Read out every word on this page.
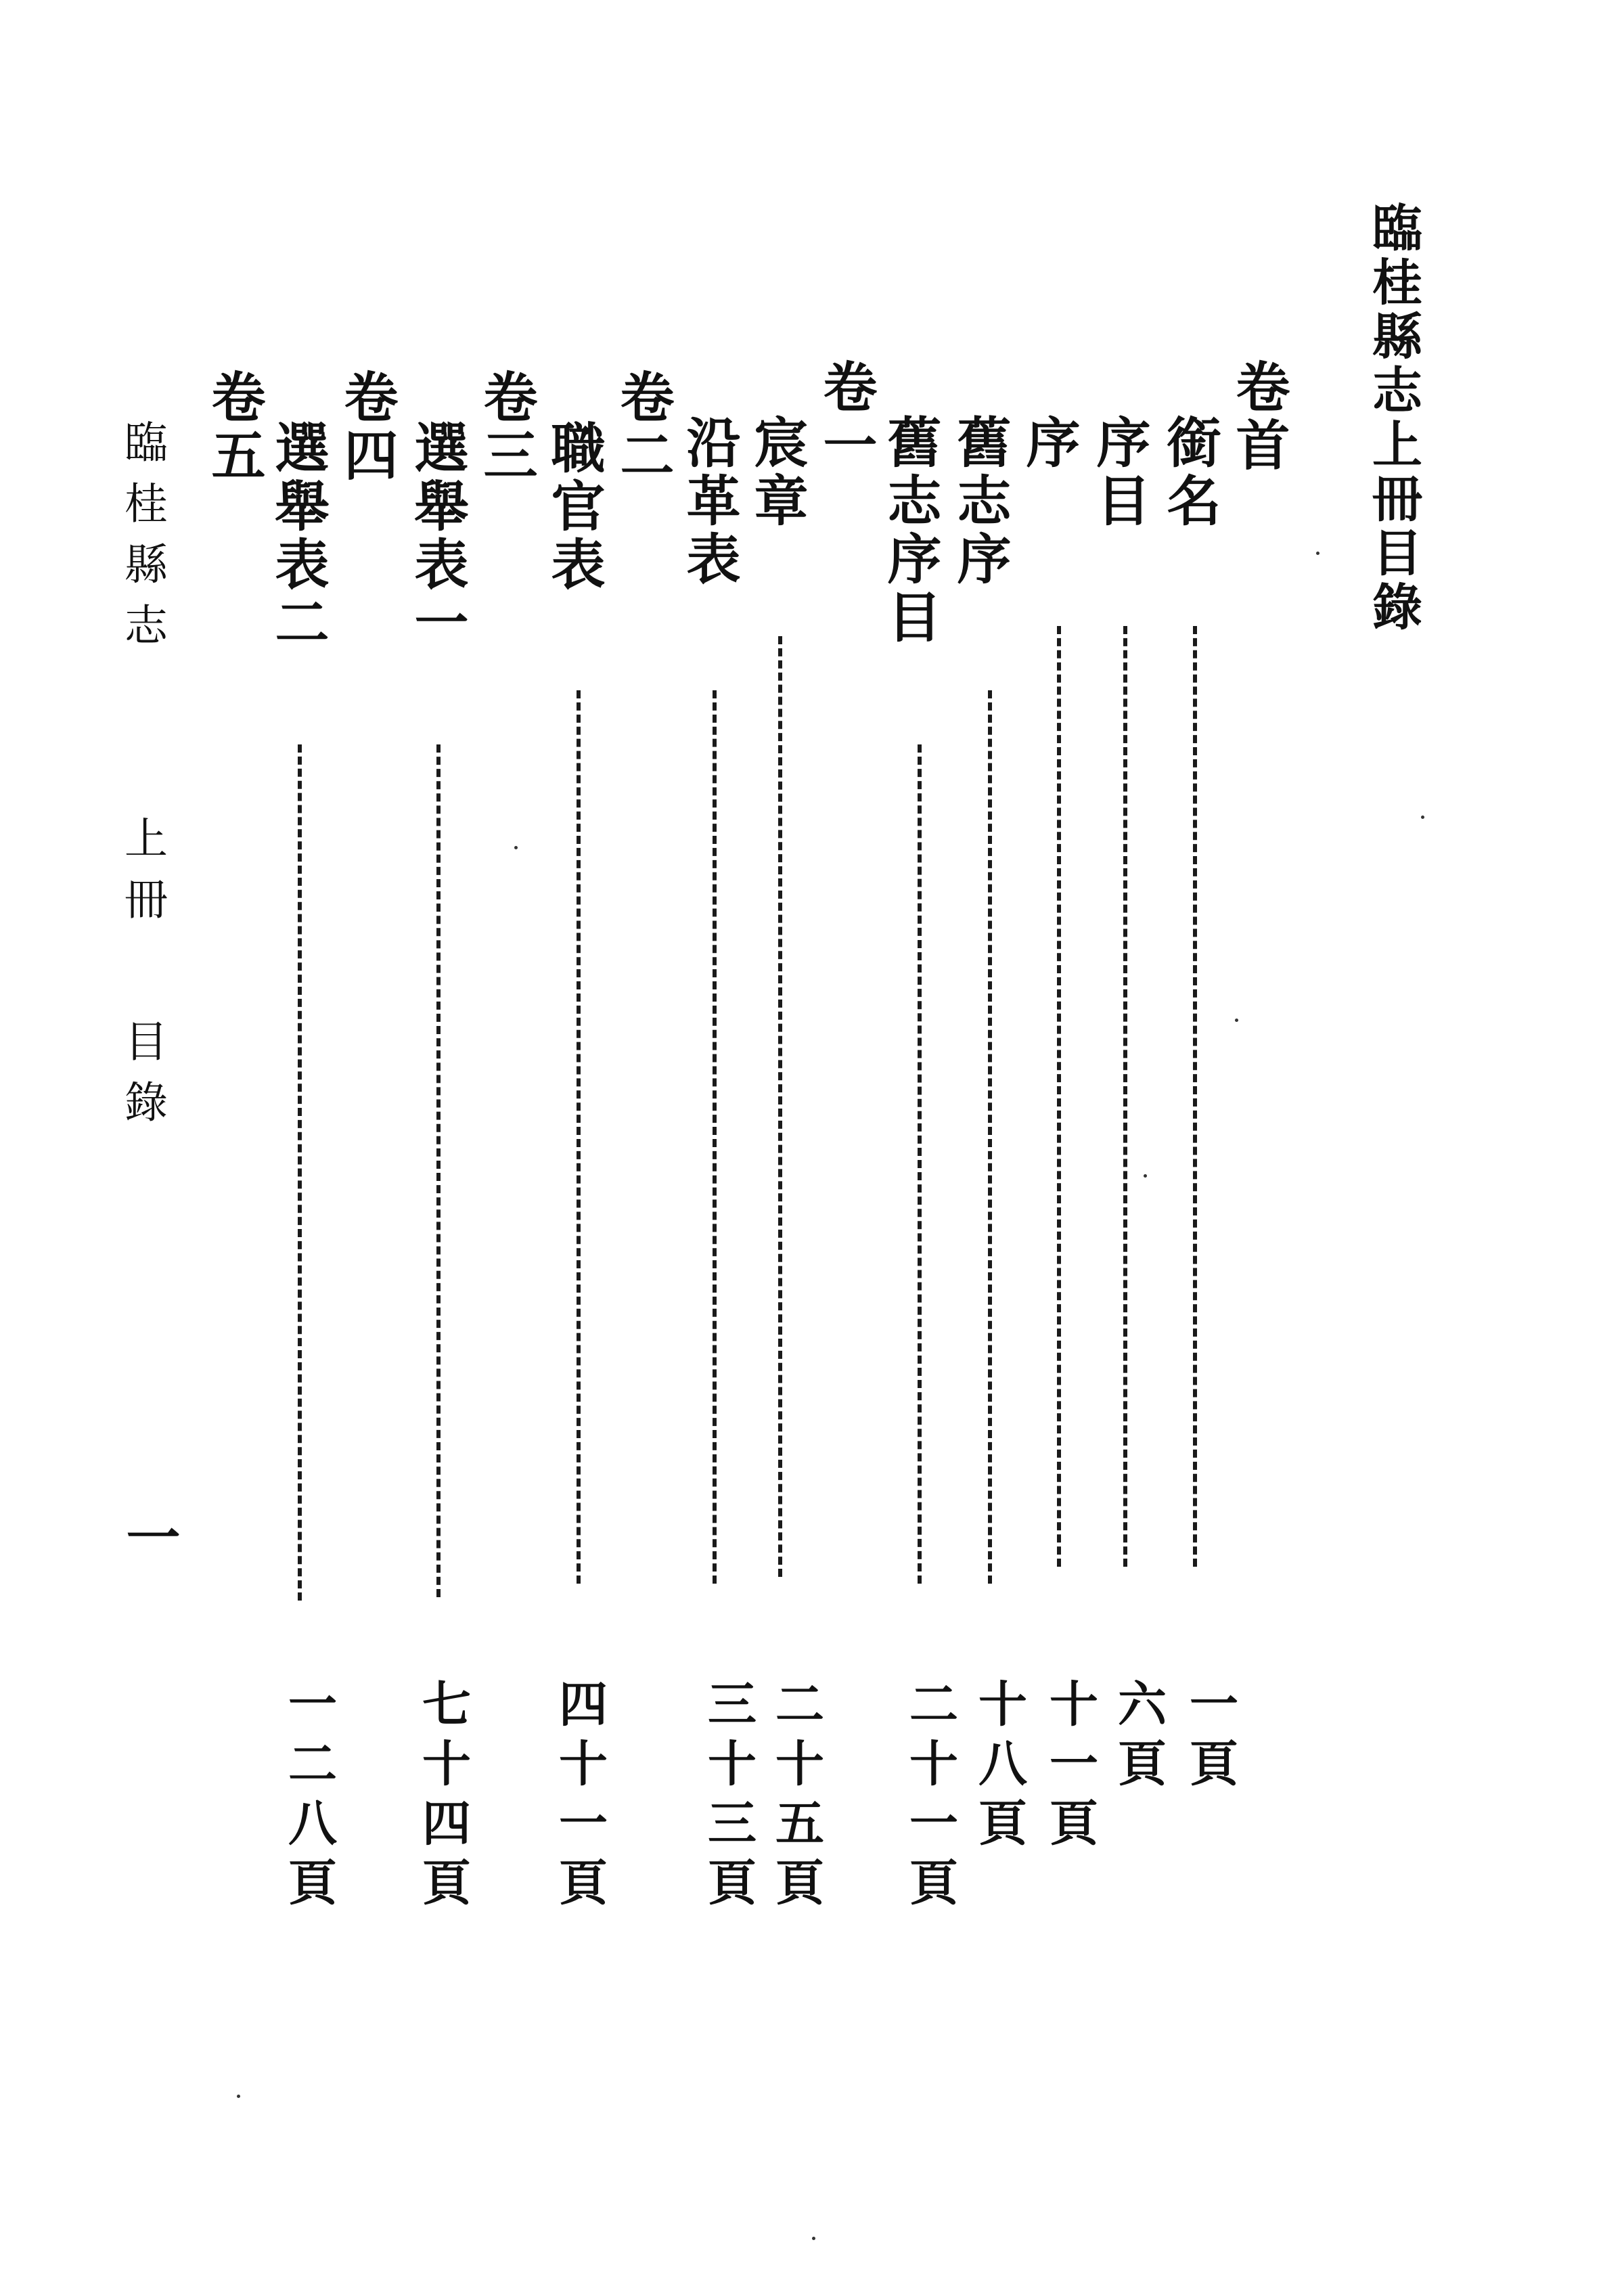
臨桂縣志上冊目錄
卷首
銜名
一頁
序目
六頁
序
十一頁
舊志序
十八頁
舊志序目
二十一頁
卷一
宸章
二十五頁
沿革表
三十三頁
卷二
職官表
四十一頁
卷三
選舉表一
七十四頁
卷四
選舉表二
一二八頁
卷五
臨桂縣志
上冊
目錄
一
